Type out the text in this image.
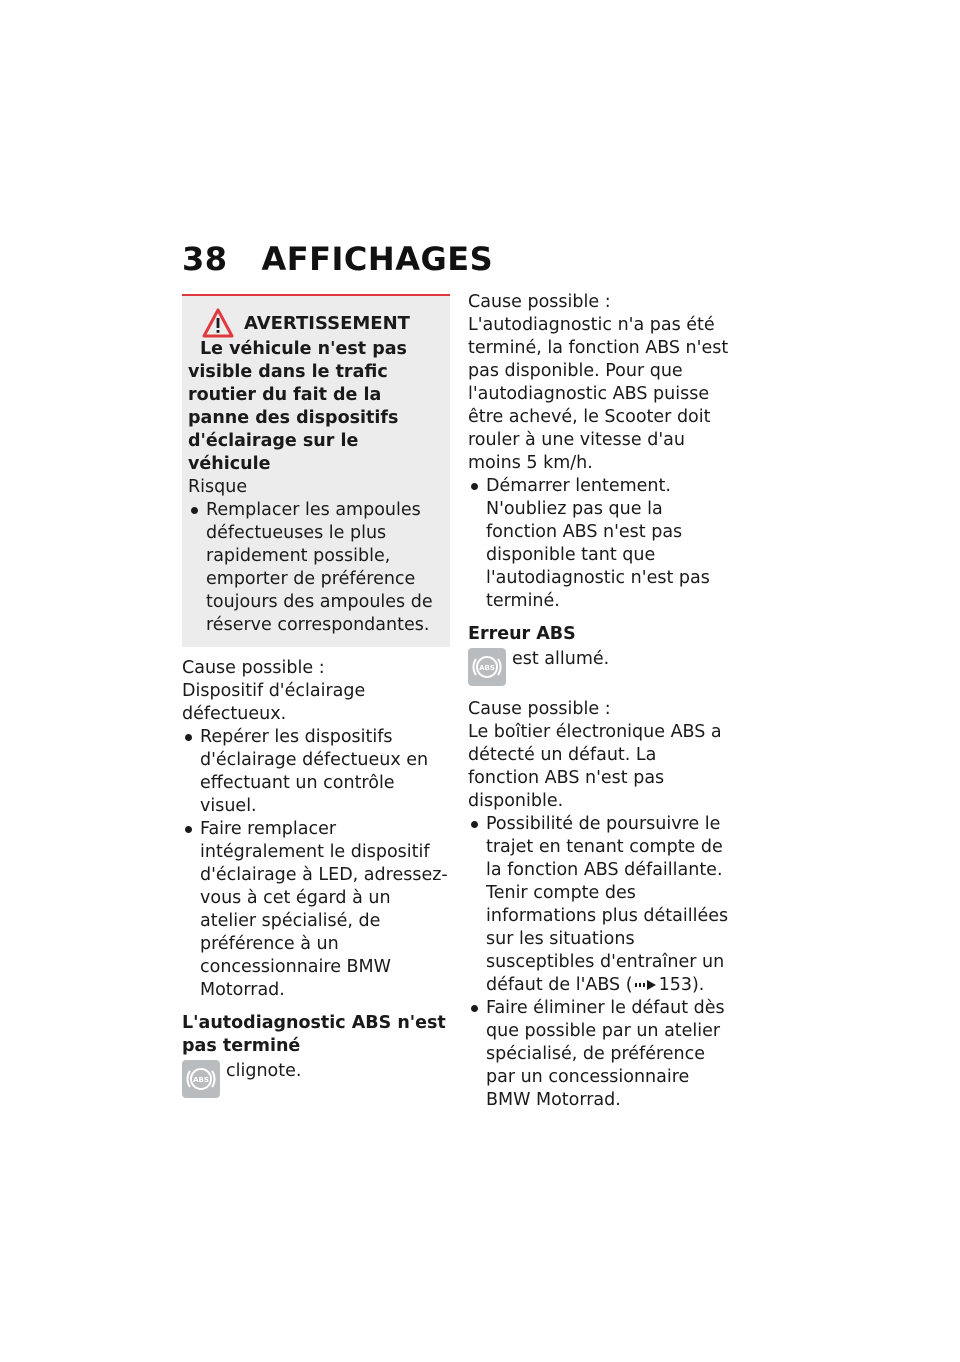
38 AFFICHAGES
AVERTISSEMENT

Le véhicule n'est pas visible dans le trafic routier du fait de la panne des dispositifs d'éclairage sur le véhicule

Risque

Remplacer les ampoules défectueuses le plus rapidement possible, emporter de préférence toujours des ampoules de réserve correspondantes.

Cause possible :

Dispositif d'éclairage défectueux.

Repérer les dispositifs d'éclairage défectueux en effectuant un contrôle visuel.
Faire remplacer intégralement le dispositif d'éclairage à LED, adressez-vous à cet égard à un atelier spécialisé, de préférence à un concessionnaire BMW Motorrad.
L'autodiagnostic ABS n'est pas terminé
ABS clignote.

Cause possible :

L'autodiagnostic n'a pas été terminé, la fonction ABS n'est pas disponible. Pour que l'autodiagnostic ABS puisse être achevé, le Scooter doit rouler à une vitesse d'au moins 5 km/h.

Démarrer lentement. N'oubliez pas que la fonction ABS n'est pas disponible tant que l'autodiagnostic n'est pas terminé.
Erreur ABS
ABS est allumé.

Cause possible :

Le boîtier électronique ABS a détecté un défaut. La fonction ABS n'est pas disponible.

Possibilité de poursuivre le trajet en tenant compte de la fonction ABS défaillante. Tenir compte des informations plus détaillées sur les situations susceptibles d'entraîner un défaut de l'ABS ( 153).
Faire éliminer le défaut dès que possible par un atelier spécialisé, de préférence par un concessionnaire BMW Motorrad.
